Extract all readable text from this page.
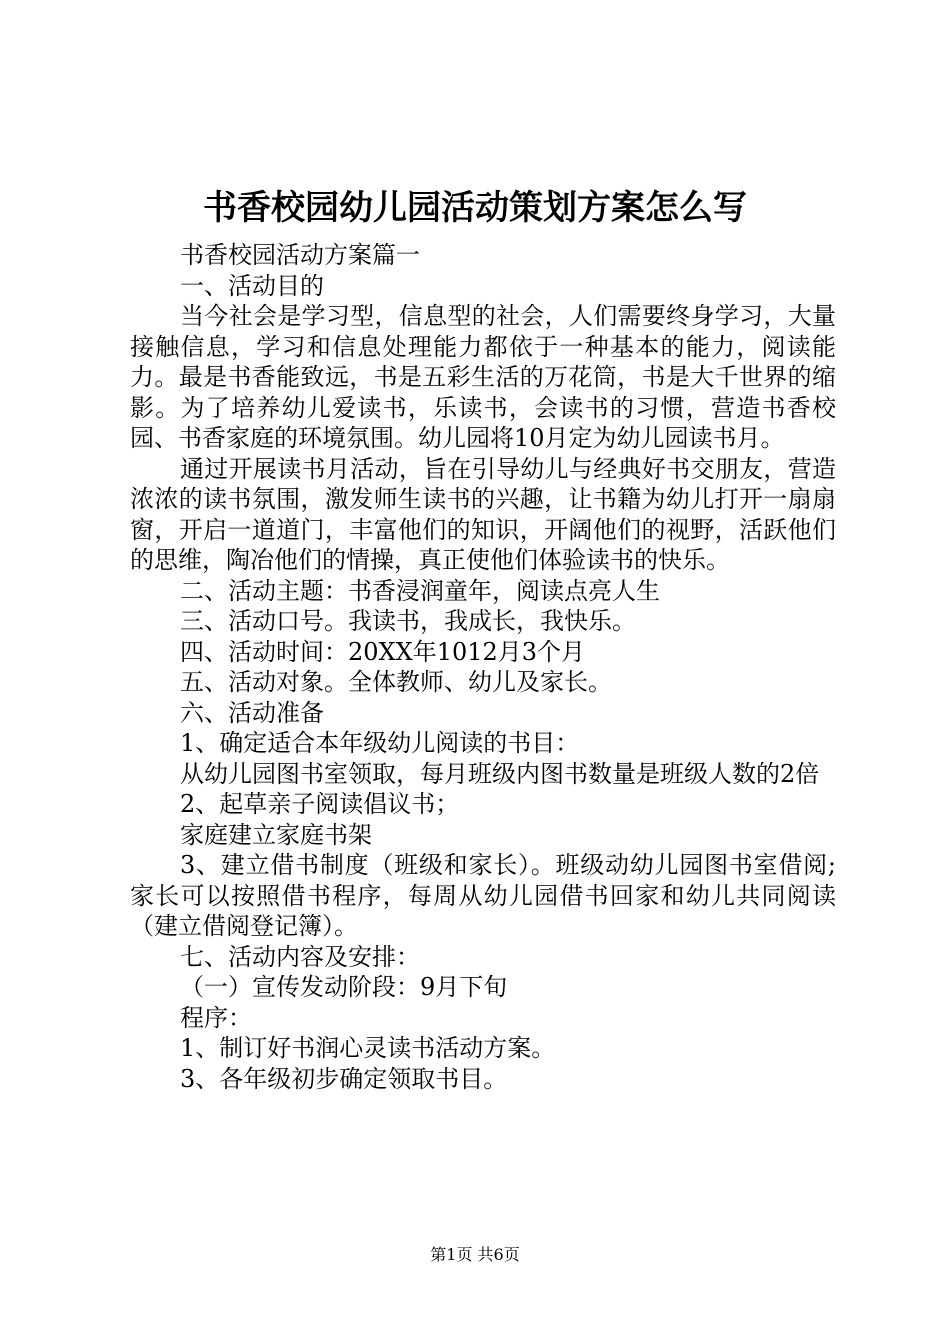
书香校园幼儿园活动策划方案怎么写

书香校园活动方案篇一

一、活动目的

当今社会是学习型，信息型的社会，人们需要终身学习，大量接触信息，学习和信息处理能力都依于一种基本的能力，阅读能力。最是书香能致远，书是五彩生活的万花筒，书是大千世界的缩影。为了培养幼儿爱读书，乐读书，会读书的习惯，营造书香校园、书香家庭的环境氛围。幼儿园将10月定为幼儿园读书月。

通过开展读书月活动，旨在引导幼儿与经典好书交朋友，营造浓浓的读书氛围，激发师生读书的兴趣，让书籍为幼儿打开一扇扇窗，开启一道道门，丰富他们的知识，开阔他们的视野，活跃他们的思维，陶冶他们的情操，真正使他们体验读书的快乐。

二、活动主题：书香浸润童年，阅读点亮人生

三、活动口号。我读书，我成长，我快乐。

四、活动时间：20XX年1012月3个月

五、活动对象。全体教师、幼儿及家长。

六、活动准备

1、确定适合本年级幼儿阅读的书目：

从幼儿园图书室领取，每月班级内图书数量是班级人数的2倍

2、起草亲子阅读倡议书；

家庭建立家庭书架

3、建立借书制度（班级和家长）。班级动幼儿园图书室借阅;家长可以按照借书程序，每周从幼儿园借书回家和幼儿共同阅读（建立借阅登记簿）。

七、活动内容及安排：

（一）宣传发动阶段：9月下旬

程序：

1、制订好书润心灵读书活动方案。

3、各年级初步确定领取书目。

第1页 共6页
